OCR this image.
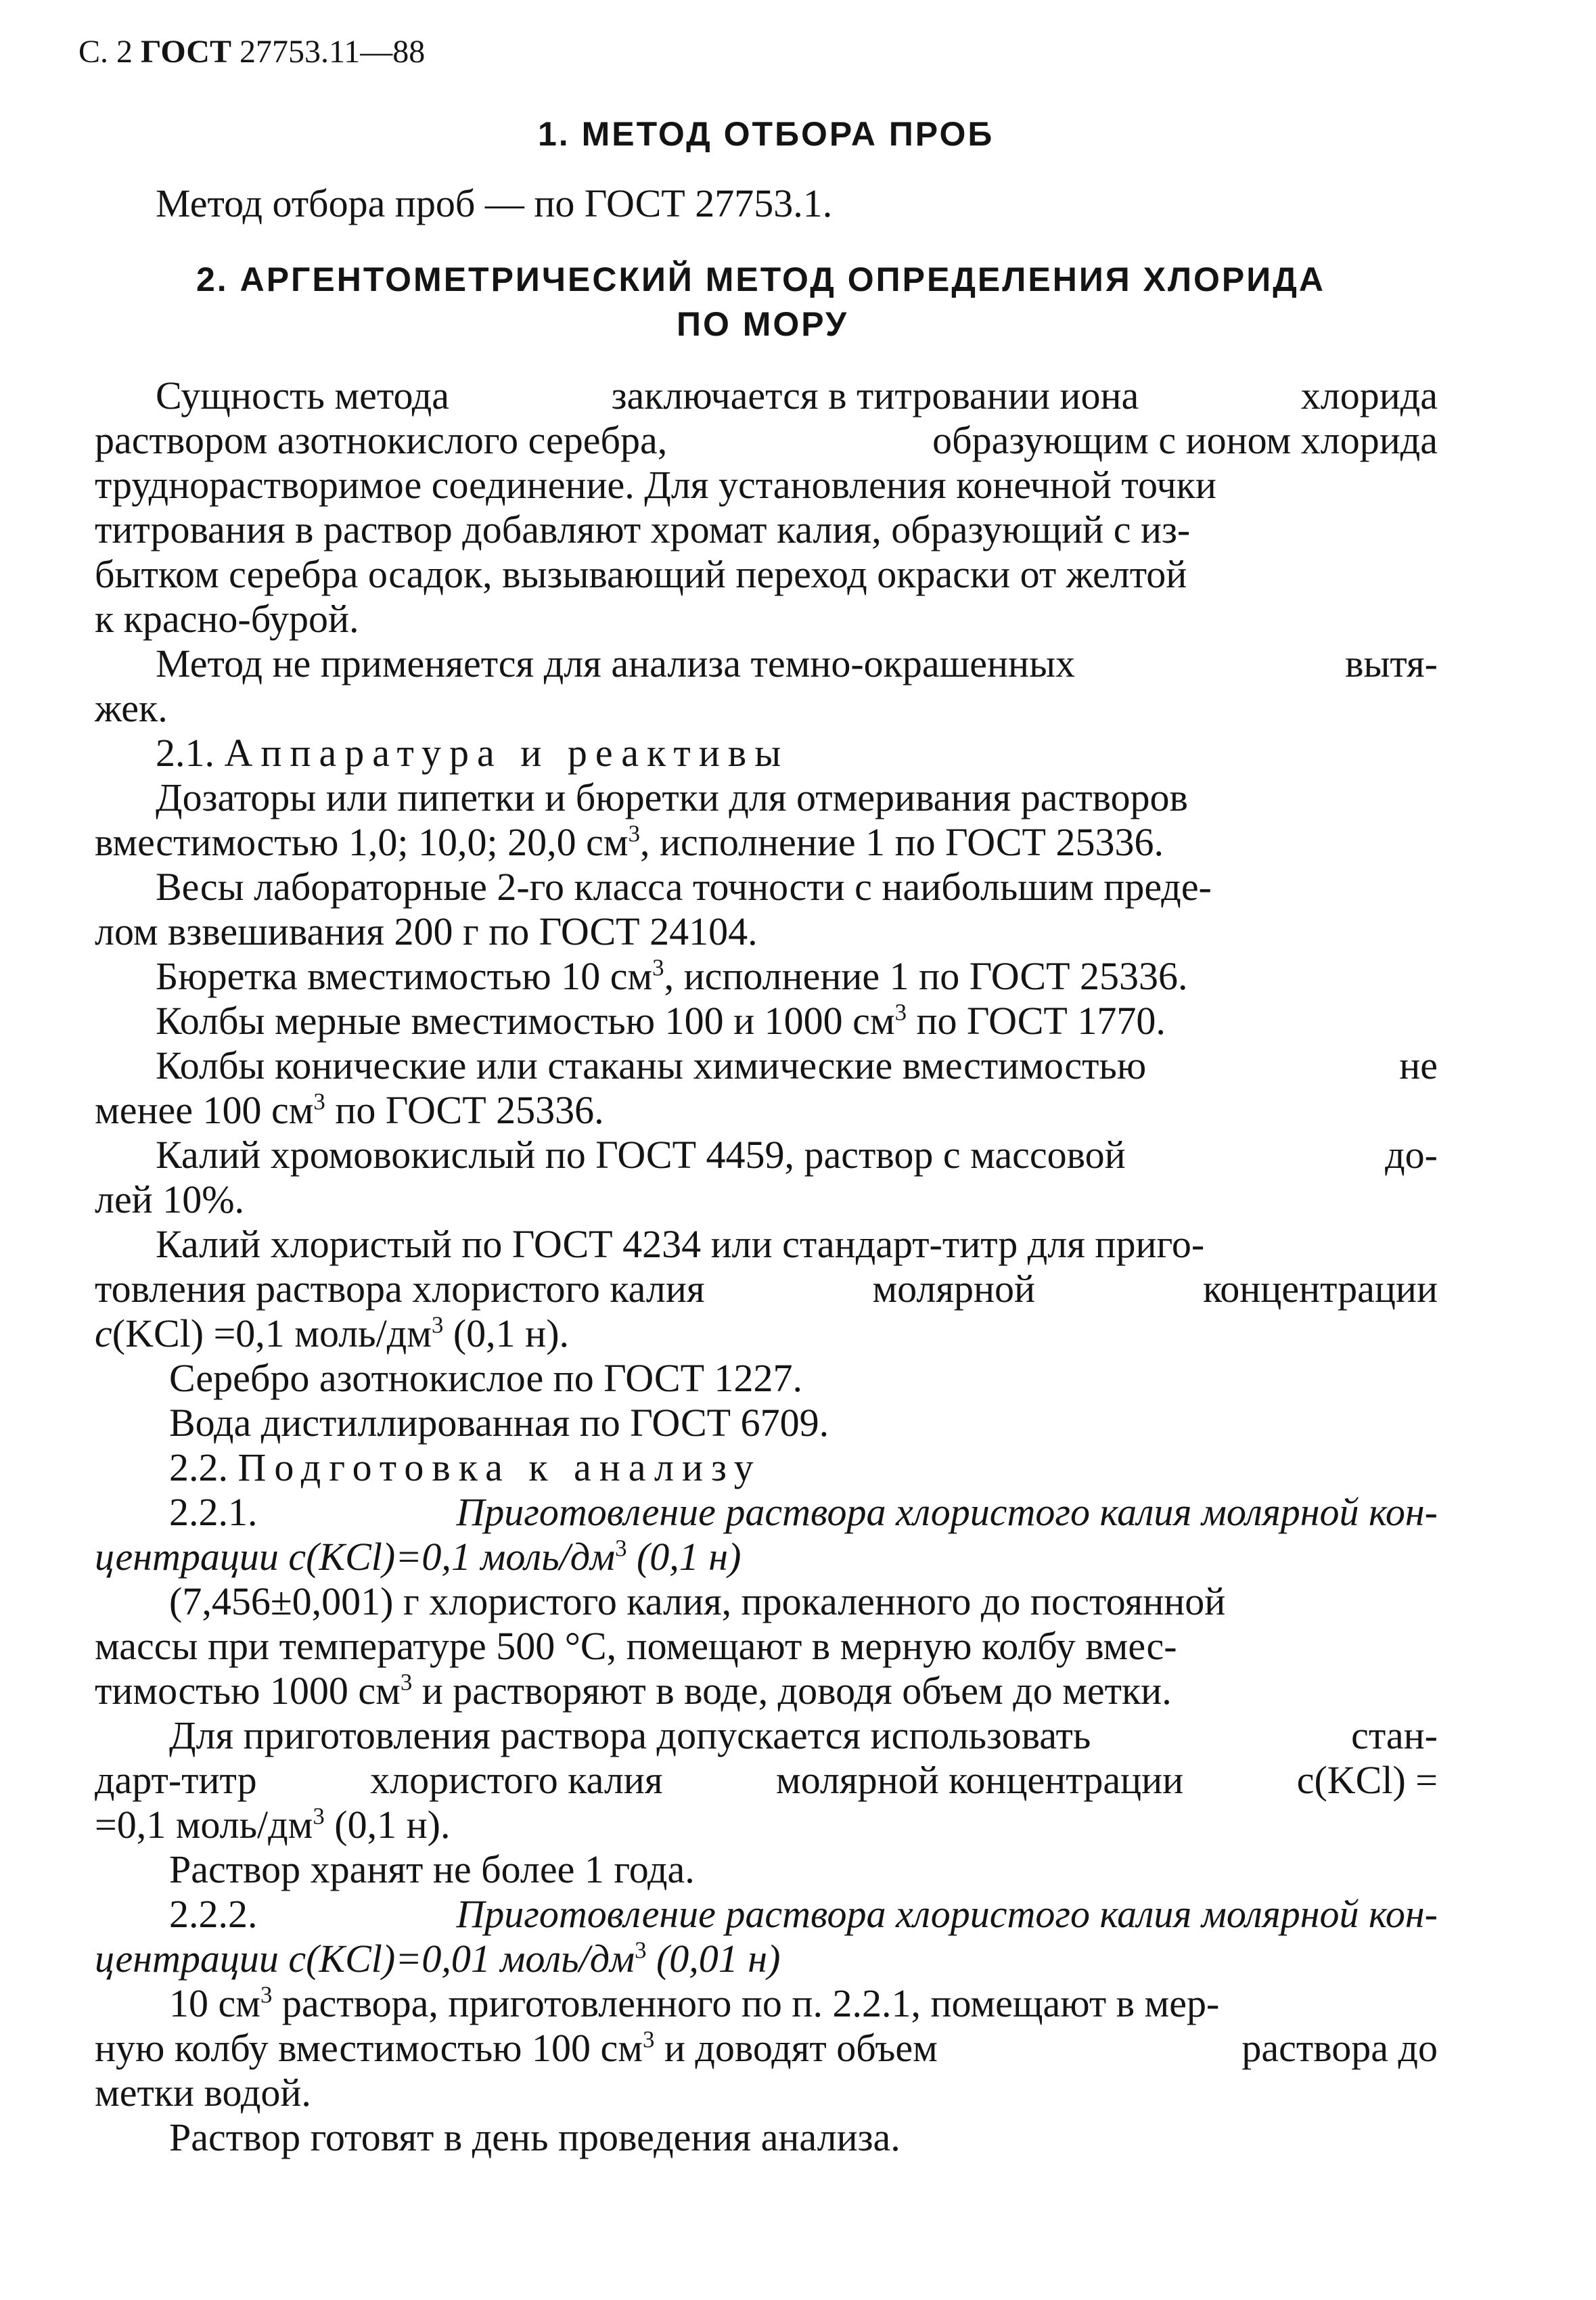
С. 2 ГОСТ 27753.11—88
1. МЕТОД ОТБОРА ПРОБ
Метод отбора проб — по ГОСТ 27753.1.
2. АРГЕНТОМЕТРИЧЕСКИЙ МЕТОД ОПРЕДЕЛЕНИЯ ХЛОРИДА
ПО МОРУ
Сущность метода	заключается в титровании иона	хлорида
раствором азотнокислого серебра,	образующим с ионом хлорида
труднорастворимое соединение. Для установления конечной точки
титрования в раствор добавляют хромат калия, образующий с из-
бытком серебра осадок, вызывающий переход окраски от желтой
к красно-бурой.
Метод не применяется для анализа темно-окрашенных	вытя-
жек.
2.1. Аппаратура и реактивы
Дозаторы или пипетки и бюретки для отмеривания растворов
вместимостью 1,0; 10,0; 20,0 $см^3$, исполнение 1 по ГОСТ 25336.
Весы лабораторные 2-го класса точности с наибольшим преде-
лом взвешивания 200 г по ГОСТ 24104.
Бюретка вместимостью 10 $см^3$, исполнение 1 по ГОСТ 25336.
Колбы мерные вместимостью 100 и 1000 $см^3$ по ГОСТ 1770.
Колбы конические или стаканы химические вместимостью	не
менее 100 $см^3$ по ГОСТ 25336.
Калий хромовокислый по ГОСТ 4459, раствор с массовой	до-
лей 10%.
Калий хлористый по ГОСТ 4234 или стандарт-титр для приго-
товления раствора хлористого калия	молярной	концентрации
c(KCl) =0,1 моль/$дм^3$ (0,1 н).
Серебро азотнокислое по ГОСТ 1227.
Вода дистиллированная по ГОСТ 6709.
2.2. Подготовка к анализу
2.2.1.	Приготовление раствора хлористого калия молярной кон-
центрации c(KCl)=0,1 моль/$дм^3$ (0,1 н)
(7,456±0,001) г хлористого калия, прокаленного до постоянной
массы при температуре 500 °C, помещают в мерную колбу вмес-
тимостью 1000 $см^3$ и растворяют в воде, доводя объем до метки.
Для приготовления раствора допускается использовать	стан-
дарт-титр	хлористого калия	молярной концентрации	c(KCl) =
=0,1 моль/$дм^3$ (0,1 н).
Раствор хранят не более 1 года.
2.2.2.	Приготовление раствора хлористого калия молярной кон-
центрации c(KCl)=0,01 моль/$дм^3$ (0,01 н)
10 $см^3$ раствора, приготовленного по п. 2.2.1, помещают в мер-
ную колбу вместимостью 100 $см^3$ и доводят объем	раствора до
метки водой.
Раствор готовят в день проведения анализа.
